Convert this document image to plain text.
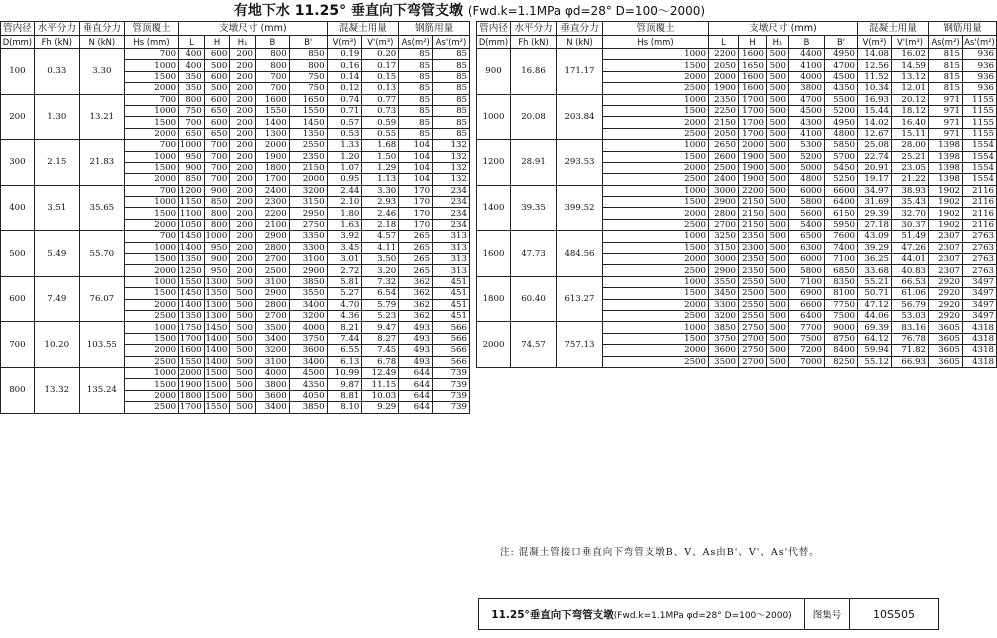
有地下水 11.25° 垂直向下弯管支墩 (Fwd.k=1.1MPa φd=28° D=100～2000)
管内径	水平分力	垂直分力	管顶覆土	支墩尺寸 (mm)					混凝土用量		钢筋用量	
D(mm)	Fh (kN)	N (kN)	Hs (mm)	L	H	H₁	B	B'	V(m³)	V'(m³)	As(m²)	As'(m²)
100	0.33	3.30	700	400	600	200	800	850	0.19	0.20	85	85
			1000	400	500	200	800	800	0.16	0.17	85	85
			1500	350	600	200	700	750	0.14	0.15	85	85
			2000	350	500	200	700	750	0.12	0.13	85	85
200	1.30	13.21	700	800	600	200	1600	1650	0.74	0.77	85	85
			1000	750	650	200	1550	1550	0.71	0.73	85	85
			1500	700	600	200	1400	1450	0.57	0.59	85	85
			2000	650	650	200	1300	1350	0.53	0.55	85	85
300	2.15	21.83	700	1000	700	200	2000	2550	1.33	1.68	104	132
			1000	950	700	200	1900	2350	1.20	1.50	104	132
			1500	900	700	200	1800	2150	1.07	1.29	104	132
			2000	850	700	200	1700	2000	0.95	1.13	104	132
400	3.51	35.65	700	1200	900	200	2400	3200	2.44	3.30	170	234
			1000	1150	850	200	2300	3150	2.10	2.93	170	234
			1500	1100	800	200	2200	2950	1.80	2.46	170	234
			2000	1050	800	200	2100	2750	1.63	2.18	170	234
500	5.49	55.70	700	1450	1000	200	2900	3350	3.92	4.57	265	313
			1000	1400	950	200	2800	3300	3.45	4.11	265	313
			1500	1350	900	200	2700	3100	3.01	3.50	265	313
			2000	1250	950	200	2500	2900	2.72	3.20	265	313
600	7.49	76.07	1000	1550	1300	500	3100	3850	5.81	7.32	362	451
			1500	1450	1350	500	2900	3550	5.27	6.54	362	451
			2000	1400	1300	500	2800	3400	4.70	5.79	362	451
			2500	1350	1300	500	2700	3200	4.36	5.23	362	451
700	10.20	103.55	1000	1750	1450	500	3500	4000	8.21	9.47	493	566
			1500	1700	1400	500	3400	3750	7.44	8.27	493	566
			2000	1600	1400	500	3200	3600	6.55	7.45	493	566
			2500	1550	1400	500	3100	3400	6.13	6.78	493	566
800	13.32	135.24	1000	2000	1500	500	4000	4500	10.99	12.49	644	739
			1500	1900	1500	500	3800	4350	9.87	11.15	644	739
			2000	1800	1500	500	3600	4050	8.81	10.03	644	739
			2500	1700	1550	500	3400	3850	8.10	9.29	644	739
管内径	水平分力	垂直分力	管顶覆土	支墩尺寸 (mm)					混凝土用量		钢筋用量	
D(mm)	Fh (kN)	N (kN)	Hs (mm)	L	H	H₁	B	B'	V(m³)	V'(m³)	As(m²)	As'(m²)
900	16.86	171.17	1000	2200	1600	500	4400	4950	14.08	16.02	815	936
			1500	2050	1650	500	4100	4700	12.56	14.59	815	936
			2000	2000	1600	500	4000	4500	11.52	13.12	815	936
			2500	1900	1600	500	3800	4350	10.34	12.01	815	936
1000	20.08	203.84	1000	2350	1700	500	4700	5500	16.93	20.12	971	1155
			1500	2250	1700	500	4500	5200	15.44	18.12	971	1155
			2000	2150	1700	500	4300	4950	14.02	16.40	971	1155
			2500	2050	1700	500	4100	4800	12.67	15.11	971	1155
1200	28.91	293.53	1000	2650	2000	500	5300	5850	25.08	28.00	1398	1554
			1500	2600	1900	500	5200	5700	22.74	25.21	1398	1554
			2000	2500	1900	500	5000	5450	20.91	23.05	1398	1554
			2500	2400	1900	500	4800	5250	19.17	21.22	1398	1554
1400	39.35	399.52	1000	3000	2200	500	6000	6600	34.97	38.93	1902	2116
			1500	2900	2150	500	5800	6400	31.69	35.43	1902	2116
			2000	2800	2150	500	5600	6150	29.39	32.70	1902	2116
			2500	2700	2150	500	5400	5950	27.18	30.37	1902	2116
1600	47.73	484.56	1000	3250	2350	500	6500	7600	43.09	51.49	2307	2763
			1500	3150	2300	500	6300	7400	39.29	47.26	2307	2763
			2000	3000	2350	500	6000	7100	36.25	44.01	2307	2763
			2500	2900	2350	500	5800	6850	33.68	40.83	2307	2763
1800	60.40	613.27	1000	3550	2550	500	7100	8350	55.21	66.53	2920	3497
			1500	3450	2500	500	6900	8100	50.71	61.06	2920	3497
			2000	3300	2550	500	6600	7750	47.12	56.79	2920	3497
			2500	3200	2550	500	6400	7500	44.06	53.03	2920	3497
2000	74.57	757.13	1000	3850	2750	500	7700	9000	69.39	83.16	3605	4318
			1500	3750	2700	500	7500	8750	64.12	76.78	3605	4318
			2000	3600	2750	500	7200	8400	59.94	71.82	3605	4318
			2500	3500	2700	500	7000	8250	55.12	66.93	3605	4318
注: 混凝土管接口垂直向下弯管支墩B、V、As由B'、V'、As'代替。
11.25°垂直向下弯管支墩 (Fwd.k=1.1MPa φd=28° D=100～2000)	图集号	10S505
